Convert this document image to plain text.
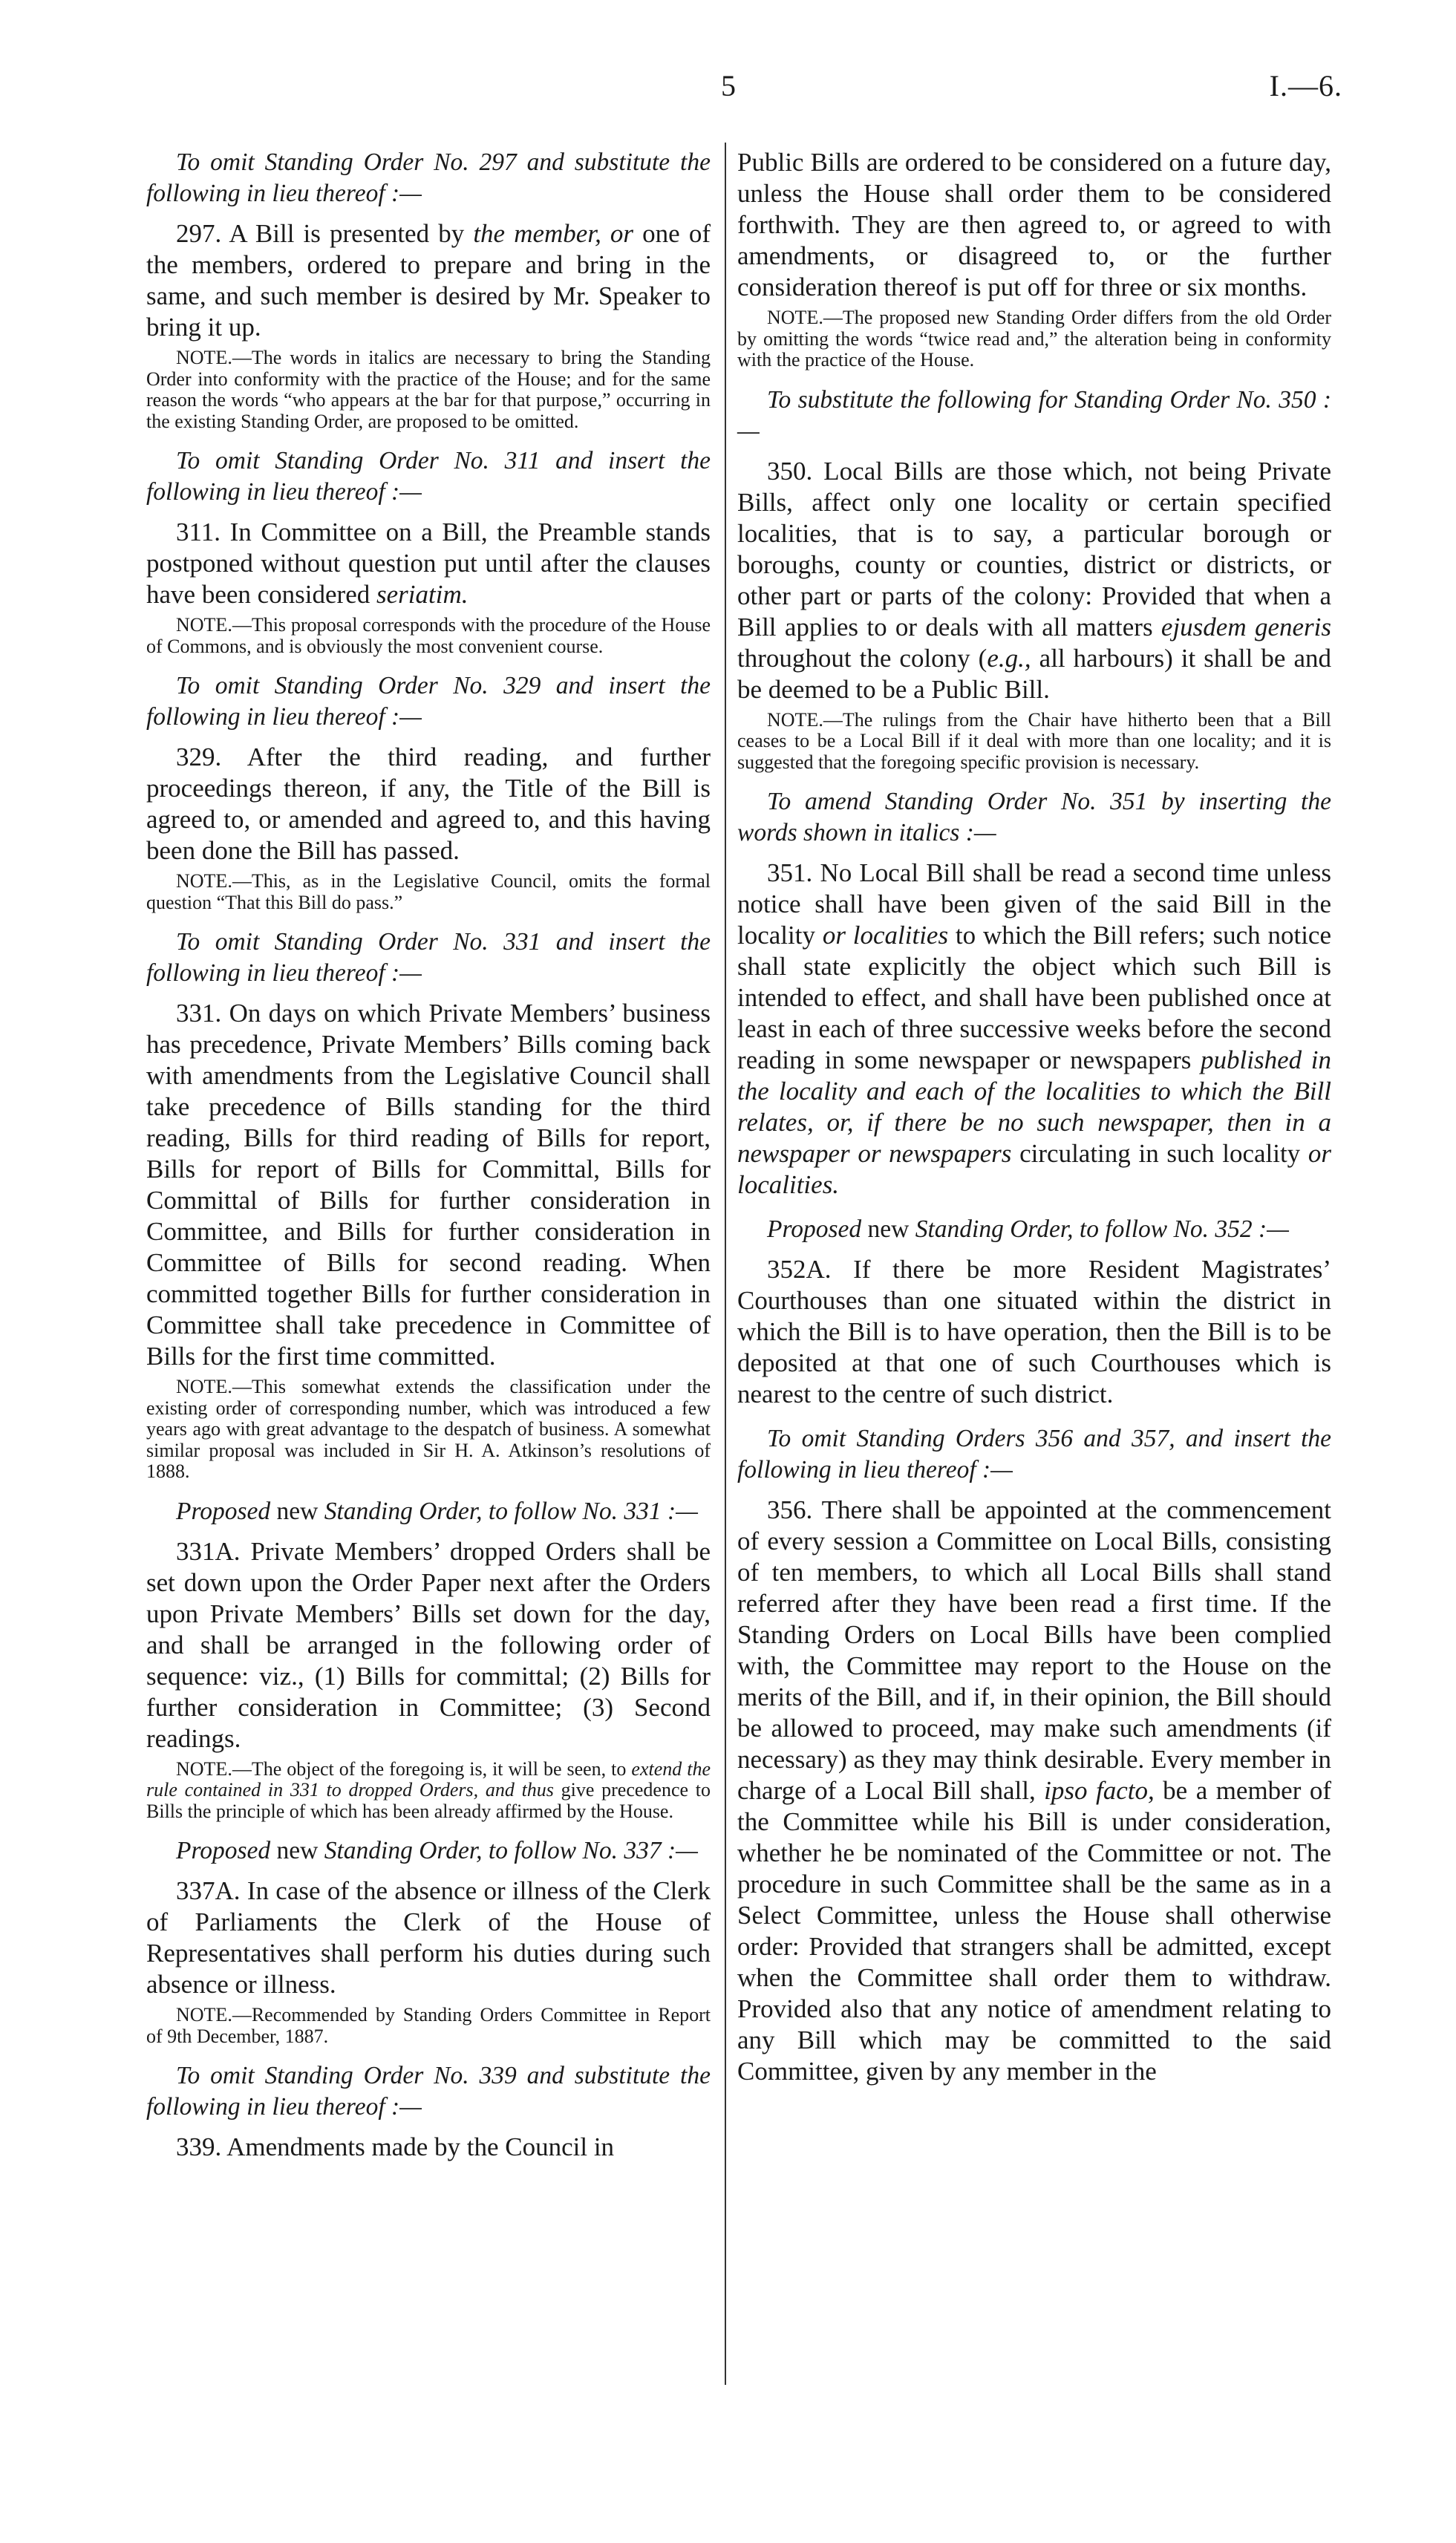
5	I.—6.

To omit Standing Order No. 297 and substitute the following in lieu thereof :—

297. A Bill is presented by the member, or one of the members, ordered to prepare and bring in the same, and such member is desired by Mr. Speaker to bring it up.

NOTE.—The words in italics are necessary to bring the Standing Order into conformity with the practice of the House; and for the same reason the words “who appears at the bar for that purpose,” occurring in the existing Standing Order, are proposed to be omitted.

To omit Standing Order No. 311 and insert the following in lieu thereof :—

311. In Committee on a Bill, the Preamble stands postponed without question put until after the clauses have been considered seriatim.

NOTE.—This proposal corresponds with the procedure of the House of Commons, and is obviously the most convenient course.

To omit Standing Order No. 329 and insert the following in lieu thereof :—

329. After the third reading, and further proceedings thereon, if any, the Title of the Bill is agreed to, or amended and agreed to, and this having been done the Bill has passed.

NOTE.—This, as in the Legislative Council, omits the formal question “That this Bill do pass.”

To omit Standing Order No. 331 and insert the following in lieu thereof :—

331. On days on which Private Members’ business has precedence, Private Members’ Bills coming back with amendments from the Legislative Council shall take precedence of Bills standing for the third reading, Bills for third reading of Bills for report, Bills for report of Bills for Committal, Bills for Committal of Bills for further consideration in Committee, and Bills for further consideration in Committee of Bills for second reading. When committed together Bills for further consideration in Committee shall take precedence in Committee of Bills for the first time committed.

NOTE.—This somewhat extends the classification under the existing order of corresponding number, which was introduced a few years ago with great advantage to the despatch of business. A somewhat similar proposal was included in Sir H. A. Atkinson’s resolutions of 1888.

Proposed new Standing Order, to follow No. 331 :—

331A. Private Members’ dropped Orders shall be set down upon the Order Paper next after the Orders upon Private Members’ Bills set down for the day, and shall be arranged in the following order of sequence: viz., (1) Bills for committal; (2) Bills for further consideration in Committee; (3) Second readings.

NOTE.—The object of the foregoing is, it will be seen, to extend the rule contained in 331 to dropped Orders, and thus give precedence to Bills the principle of which has been already affirmed by the House.

Proposed new Standing Order, to follow No. 337 :—

337A. In case of the absence or illness of the Clerk of Parliaments the Clerk of the House of Representatives shall perform his duties during such absence or illness.

NOTE.—Recommended by Standing Orders Committee in Report of 9th December, 1887.

To omit Standing Order No. 339 and substitute the following in lieu thereof :—

339. Amendments made by the Council in

Public Bills are ordered to be considered on a future day, unless the House shall order them to be considered forthwith. They are then agreed to, or agreed to with amendments, or disagreed to, or the further consideration thereof is put off for three or six months.

NOTE.—The proposed new Standing Order differs from the old Order by omitting the words “twice read and,” the alteration being in conformity with the practice of the House.

To substitute the following for Standing Order No. 350 :—

350. Local Bills are those which, not being Private Bills, affect only one locality or certain specified localities, that is to say, a particular borough or boroughs, county or counties, district or districts, or other part or parts of the colony: Provided that when a Bill applies to or deals with all matters ejusdem generis throughout the colony (e.g., all harbours) it shall be and be deemed to be a Public Bill.

NOTE.—The rulings from the Chair have hitherto been that a Bill ceases to be a Local Bill if it deal with more than one locality; and it is suggested that the foregoing specific provision is necessary.

To amend Standing Order No. 351 by inserting the words shown in italics :—

351. No Local Bill shall be read a second time unless notice shall have been given of the said Bill in the locality or localities to which the Bill refers; such notice shall state explicitly the object which such Bill is intended to effect, and shall have been published once at least in each of three successive weeks before the second reading in some newspaper or newspapers published in the locality and each of the localities to which the Bill relates, or, if there be no such newspaper, then in a newspaper or newspapers circulating in such locality or localities.

Proposed new Standing Order, to follow No. 352 :—

352A. If there be more Resident Magistrates’ Courthouses than one situated within the district in which the Bill is to have operation, then the Bill is to be deposited at that one of such Courthouses which is nearest to the centre of such district.

To omit Standing Orders 356 and 357, and insert the following in lieu thereof :—

356. There shall be appointed at the commencement of every session a Committee on Local Bills, consisting of ten members, to which all Local Bills shall stand referred after they have been read a first time. If the Standing Orders on Local Bills have been complied with, the Committee may report to the House on the merits of the Bill, and if, in their opinion, the Bill should be allowed to proceed, may make such amendments (if necessary) as they may think desirable. Every member in charge of a Local Bill shall, ipso facto, be a member of the Committee while his Bill is under consideration, whether he be nominated of the Committee or not. The procedure in such Committee shall be the same as in a Select Committee, unless the House shall otherwise order: Provided that strangers shall be admitted, except when the Committee shall order them to withdraw. Provided also that any notice of amendment relating to any Bill which may be committed to the said Committee, given by any member in the
